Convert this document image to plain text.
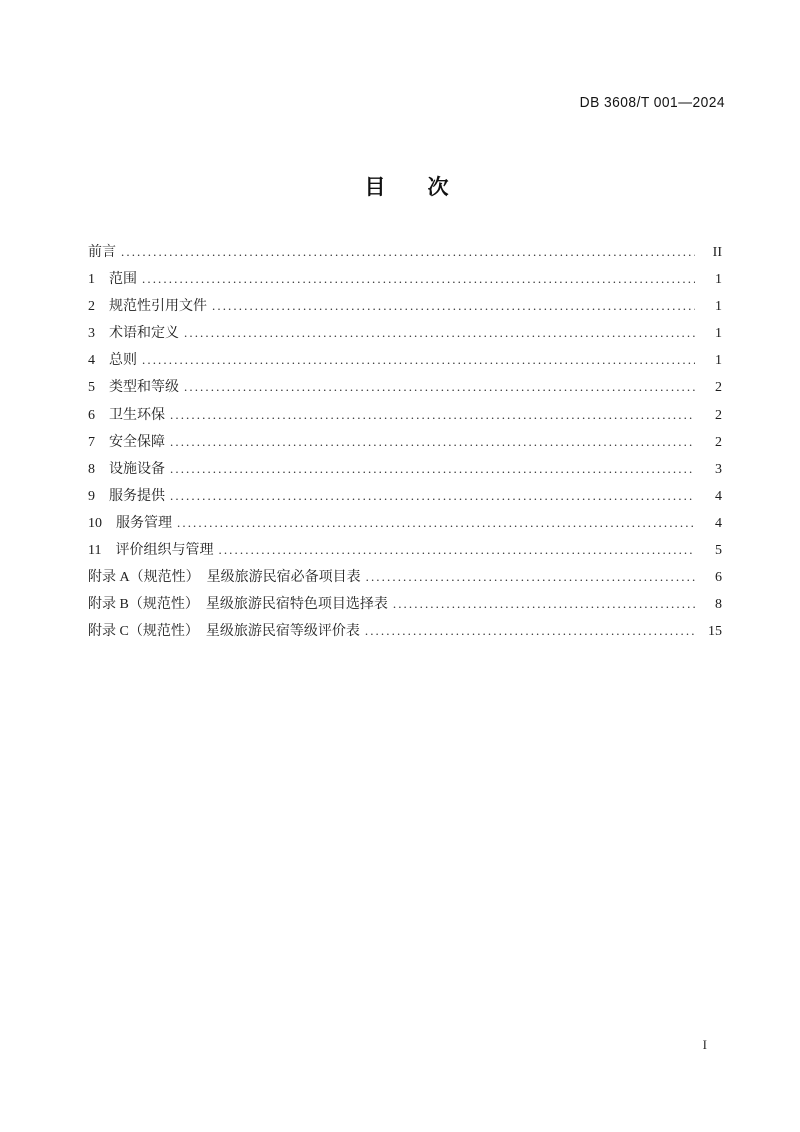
DB 3608/T 001—2024
目　　次
前言 .....	II
1　范围 .....	1
2　规范性引用文件 .....	1
3　术语和定义 .....	1
4　总则 .....	1
5　类型和等级 .....	2
6　卫生环保 .....	2
7　安全保障 .....	2
8　设施设备 .....	3
9　服务提供 .....	4
10　服务管理 .....	4
11　评价组织与管理 .....	5
附录 A（规范性）　星级旅游民宿必备项目表 .....	6
附录 B（规范性）　星级旅游民宿特色项目选择表 .....	8
附录 C（规范性）　星级旅游民宿等级评价表 .....	15
I
